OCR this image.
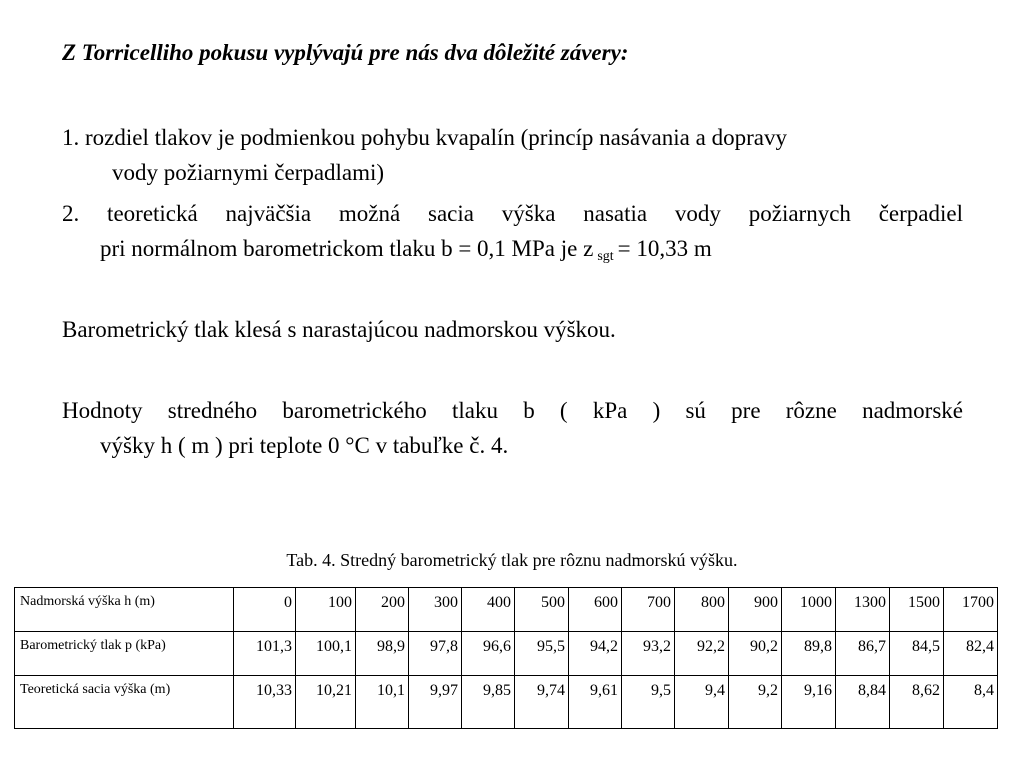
Z Torricelliho pokusu vyplývajú pre nás dva dôležité závery:
1. rozdiel tlakov je podmienkou pohybu kvapalín (princíp nasávania a dopravy
vody požiarnymi čerpadlami)
2. teoretická najväčšia možná sacia výška nasatia vody požiarnych čerpadiel
pri normálnom barometrickom tlaku b = 0,1 MPa je z $_{sgt}$ = 10,33 m
Barometrický tlak klesá s narastajúcou nadmorskou výškou.
Hodnoty stredného barometrického tlaku b ( kPa ) sú pre rôzne nadmorské
výšky h ( m ) pri teplote 0 °C v tabuľke č. 4.
Tab. 4. Stredný barometrický tlak pre rôznu nadmorskú výšku.
Nadmorská výška h (m)	0	100	200	300	400	500	600	700	800	900	1000	1300	1500	1700
Barometrický tlak p (kPa)	101,3	100,1	98,9	97,8	96,6	95,5	94,2	93,2	92,2	90,2	89,8	86,7	84,5	82,4
Teoretická sacia výška (m)	10,33	10,21	10,1	9,97	9,85	9,74	9,61	9,5	9,4	9,2	9,16	8,84	8,62	8,4
